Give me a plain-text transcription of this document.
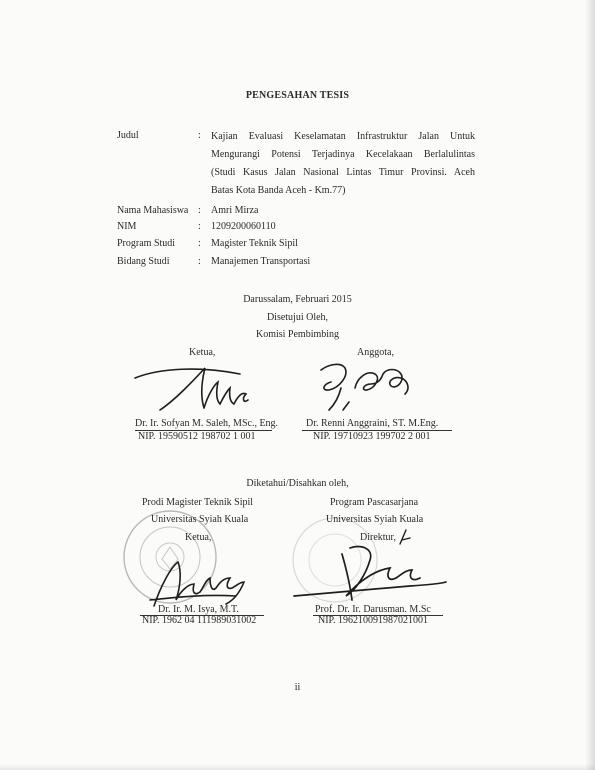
PENGESAHAN TESIS
Judul	: Kajian Evaluasi Keselamatan Infrastruktur Jalan Untuk
Mengurangi Potensi Terjadinya Kecelakaan Berlalulintas
(Studi Kasus Jalan Nasional Lintas Timur Provinsi. Aceh
Batas Kota Banda Aceh - Km.77)
Nama Mahasiswa : Amri Mirza
NIM	: 1209200060110
Program Studi : Magister Teknik Sipil
Bidang Studi	: Manajemen Transportasi
Darussalam, Februari 2015
Disetujui Oleh,
Komisi Pembimbing
Ketua,	Anggota,
Dr. Ir. Sofyan M. Saleh, MSc., Eng.
NIP. 19590512 198702 1 001
Dr. Renni Anggraini, ST. M.Eng.
NIP. 19710923 199702 2 001
Diketahui/Disahkan oleh,
Prodi Magister Teknik Sipil
Universitas Syiah Kuala
Ketua,
Program Pascasarjana
Universitas Syiah Kuala
Direktur,
Dr. Ir. M. Isya, M.T.
NIP. 1962 04 111989031002
Prof. Dr. Ir. Darusman. M.Sc
NIP. 196210091987021001
ii
